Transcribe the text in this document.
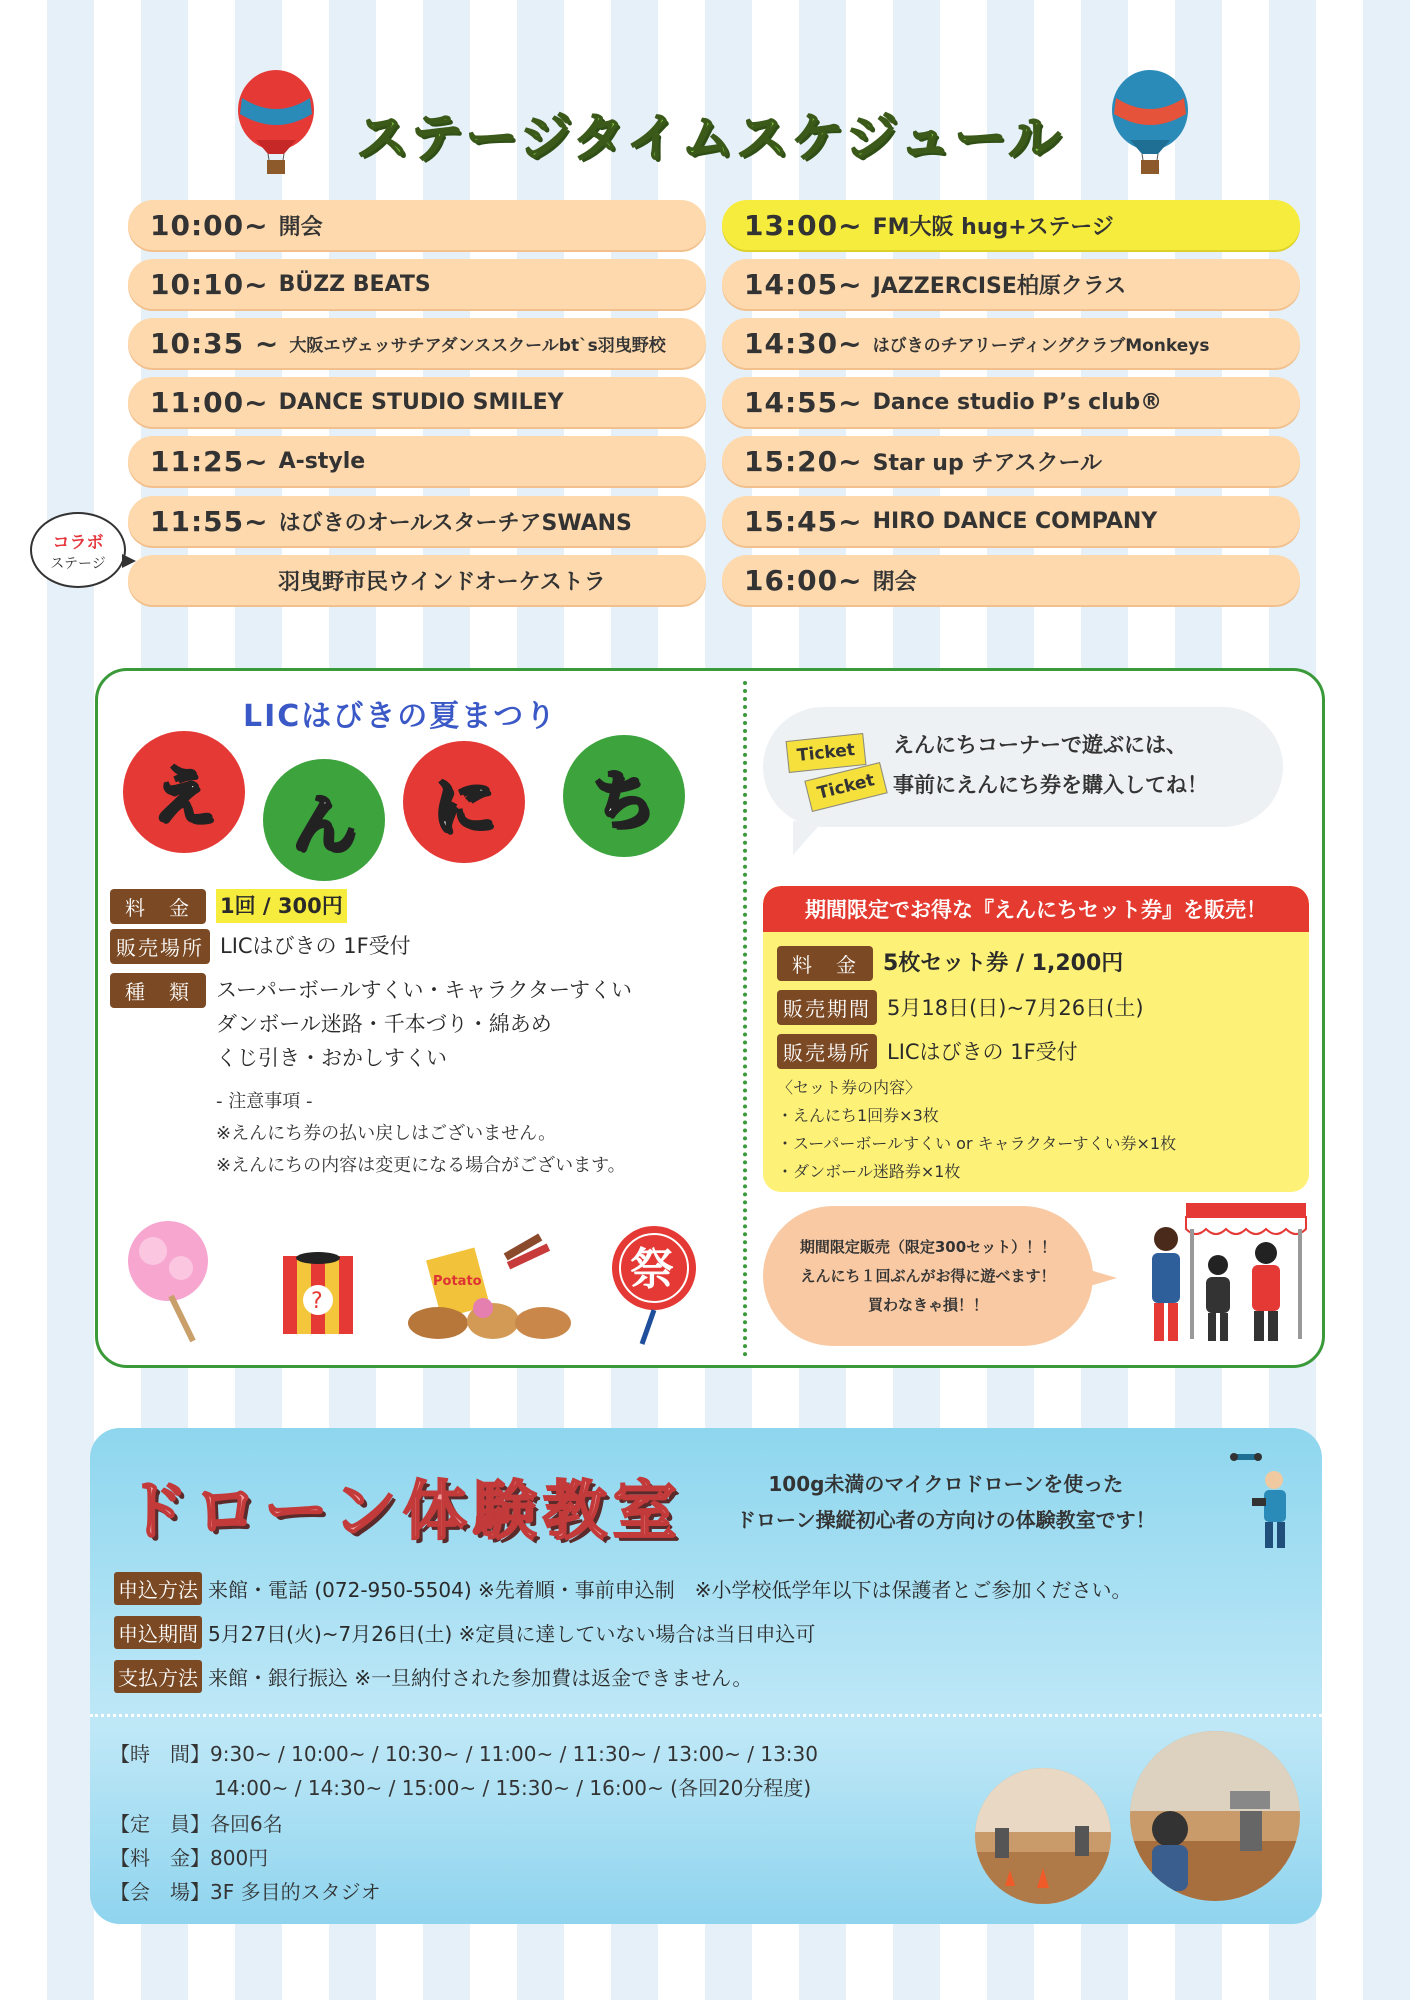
ステージタイムスケジュール
10:00~ 開会
10:10~ BÜZZ BEATS
10:35 ~ 大阪エヴェッサチアダンススクールbt`s羽曳野校
11:00~ DANCE STUDIO SMILEY
11:25~ A-style
11:55~ はびきのオールスターチアSWANS
羽曳野市民ウインドオーケストラ
13:00~ FM大阪 hug+ステージ
14:05~ JAZZERCISE柏原クラス
14:30~ はびきのチアリーディングクラブMonkeys
14:55~ Dance studio P’s club®
15:20~ Star up チアスクール
15:45~ HIRO DANCE COMPANY
16:00~ 閉会
コラボ
ステージ
LICはびきの夏まつり
え	ん	に	ち
料　金	1回 / 300円
販売場所 LICはびきの 1F受付
種　類	スーパーボールすくい・キャラクターすくい
ダンボール迷路・千本づり・綿あめ
くじ引き・おかしすくい
- 注意事項 -
※えんにち券の払い戻しはございません。
※えんにちの内容は変更になる場合がございます。
?
Potato	祭
Ticket
Ticket
えんにちコーナーで遊ぶには、
事前にえんにち券を購入してね！
期間限定でお得な『えんにちセット券』を販売！
料　金	5枚セット券 / 1,200円
販売期間 5月18日(日)~7月26日(土)
販売場所 LICはびきの 1F受付
〈セット券の内容〉
・えんにち1回券×3枚
・スーパーボールすくい or キャラクターすくい券×1枚
・ダンボール迷路券×1枚
期間限定販売（限定300セット）！！
えんにち１回ぶんがお得に遊べます！
買わなきゃ損！！
ドローン体験教室	100g未満のマイクロドローンを使った
ドローン操縦初心者の方向けの体験教室です！
申込方法 来館・電話 (072-950-5504) ※先着順・事前申込制　※小学校低学年以下は保護者とご参加ください。
申込期間 5月27日(火)~7月26日(土) ※定員に達していない場合は当日申込可
支払方法 来館・銀行振込 ※一旦納付された参加費は返金できません。
【時　間】9:30~ / 10:00~ / 10:30~ / 11:00~ / 11:30~ / 13:00~ / 13:30
14:00~ / 14:30~ / 15:00~ / 15:30~ / 16:00~ (各回20分程度)
【定　員】各回6名
【料　金】800円
【会　場】3F 多目的スタジオ
